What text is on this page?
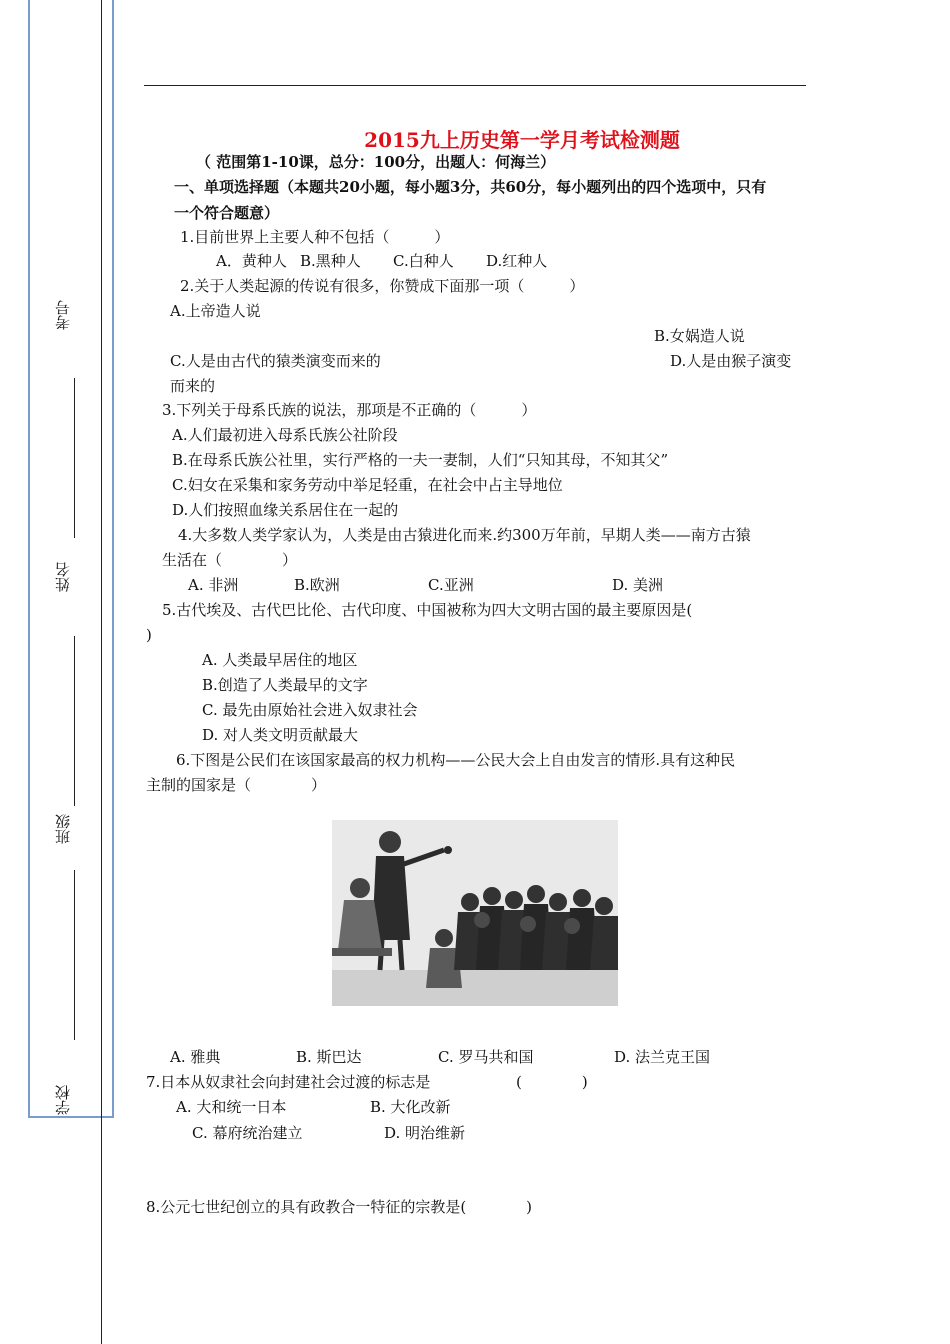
考号
姓名
班级
学校
2015九上历史第一学月考试检测题
（ 范围第1-10课，总分：100分，出题人：何海兰）
一、单项选择题（本题共20小题，每小题3分，共60分，每小题列出的四个选项中，只有
一个符合题意）
1.目前世界上主要人种不包括（　　　）
A．黄种人 B.黑种人 C.白种人 D.红种人
2.关于人类起源的传说有很多，你赞成下面那一项（　　　）
A.上帝造人说
B.女娲造人说
C.人是由古代的猿类演变而来的	D.人是由猴子演变
而来的
3.下列关于母系氏族的说法，那项是不正确的（　　　）
A.人们最初进入母系氏族公社阶段
B.在母系氏族公社里，实行严格的一夫一妻制，人们“只知其母，不知其父”
C.妇女在采集和家务劳动中举足轻重，在社会中占主导地位
D.人们按照血缘关系居住在一起的
4.大多数人类学家认为，人类是由古猿进化而来.约300万年前，早期人类——南方古猿
生活在（　　　　）
A. 非洲	B.欧洲	C.亚洲	D. 美洲
5.古代埃及、古代巴比伦、古代印度、中国被称为四大文明古国的最主要原因是(
)
A. 人类最早居住的地区
B.创造了人类最早的文字
C. 最先由原始社会进入奴隶社会
D. 对人类文明贡献最大
6.下图是公民们在该国家最高的权力机构——公民大会上自由发言的情形.具有这种民
主制的国家是（　　　　）
A. 雅典	B. 斯巴达	C. 罗马共和国	D. 法兰克王国
7.日本从奴隶社会向封建社会过渡的标志是	(　　　　)
A. 大和统一日本	B. 大化改新
C. 幕府统治建立	D. 明治维新
8.公元七世纪创立的具有政教合一特征的宗教是(　　　　)
